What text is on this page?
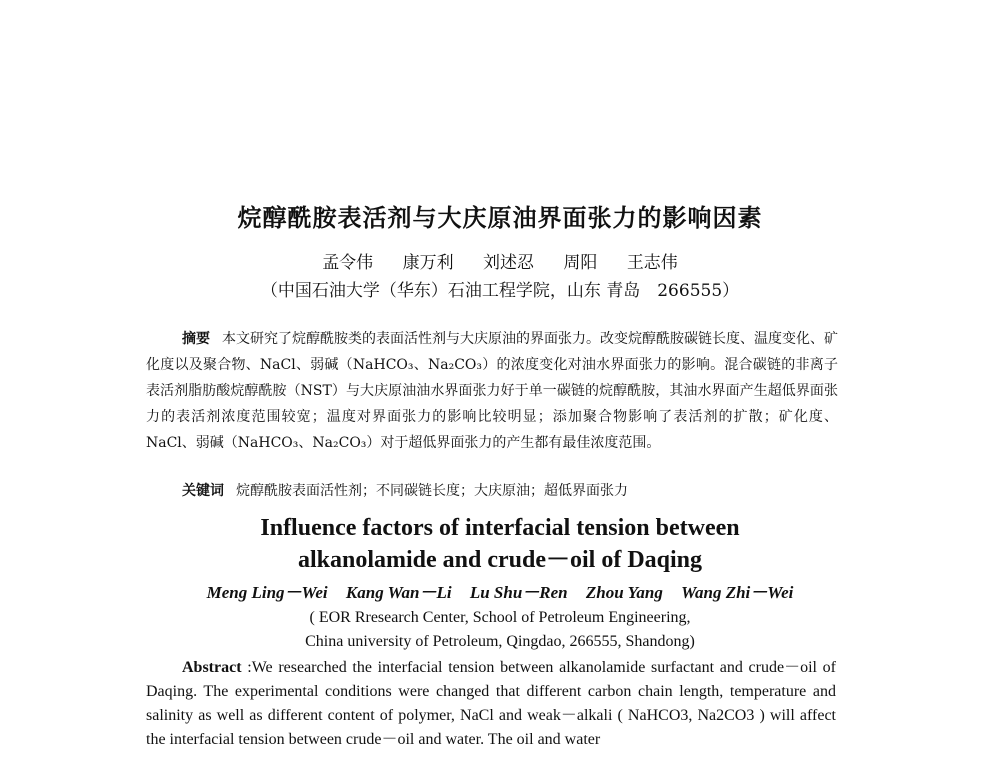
烷醇酰胺表活剂与大庆原油界面张力的影响因素
孟令伟 康万利 刘述忍 周阳 王志伟
（中国石油大学（华东）石油工程学院，山东 青岛　266555）
摘要 本文研究了烷醇酰胺类的表面活性剂与大庆原油的界面张力。改变烷醇酰胺碳链长度、温度变化、矿化度以及聚合物、NaCl、弱碱（NaHCO₃、Na₂CO₃）的浓度变化对油水界面张力的影响。混合碳链的非离子表活剂脂肪酸烷醇酰胺（NST）与大庆原油油水界面张力好于单一碳链的烷醇酰胺，其油水界面产生超低界面张力的表活剂浓度范围较宽；温度对界面张力的影响比较明显；添加聚合物影响了表活剂的扩散；矿化度、NaCl、弱碱（NaHCO₃、Na₂CO₃）对于超低界面张力的产生都有最佳浓度范围。
关键词 烷醇酰胺表面活性剂；不同碳链长度；大庆原油；超低界面张力
Influence factors of interfacial tension between
alkanolamide and crude－oil of Daqing
Meng Ling－Wei Kang Wan－Li Lu Shu－Ren Zhou Yang Wang Zhi－Wei
( EOR Rresearch Center, School of Petroleum Engineering,
China university of Petroleum, Qingdao, 266555, Shandong)
Abstract :We researched the interfacial tension between alkanolamide surfactant and crude－oil of Daqing. The experimental conditions were changed that different carbon chain length, temperature and salinity as well as different content of polymer, NaCl and weak－alkali ( NaHCO3, Na2CO3 ) will affect the interfacial tension between crude－oil and water. The oil and water
